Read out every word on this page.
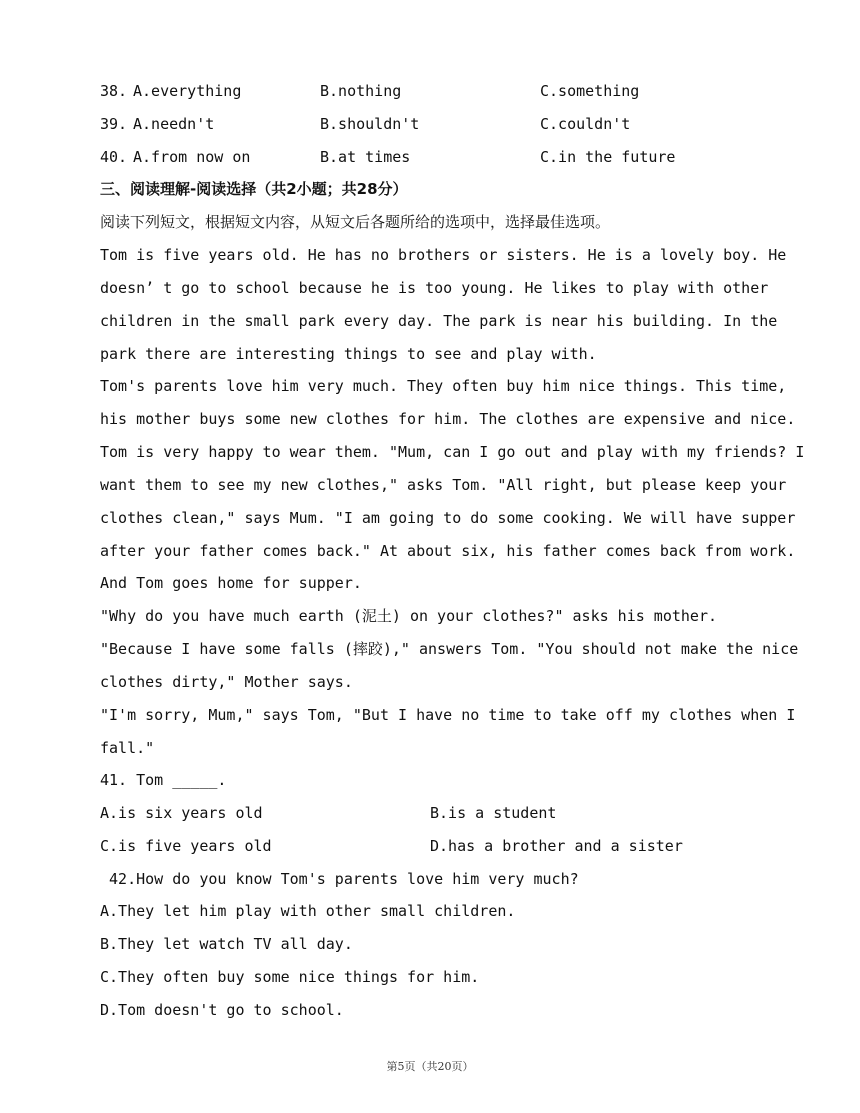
38. A.everything	B.nothing	C.something
39. A.needn't	B.shouldn't	C.couldn't
40. A.from now on	B.at times	C.in the future
三、阅读理解-阅读选择（共2小题；共28分）
阅读下列短文，根据短文内容，从短文后各题所给的选项中，选择最佳选项。
Tom is five years old. He has no brothers or sisters. He is a lovely boy. He
doesn’ t go to school because he is too young. He likes to play with other
children in the small park every day. The park is near his building. In the
park there are interesting things to see and play with.
Tom's parents love him very much. They often buy him nice things. This time,
his mother buys some new clothes for him. The clothes are expensive and nice.
Tom is very happy to wear them. "Mum, can I go out and play with my friends? I
want them to see my new clothes," asks Tom. "All right, but please keep your
clothes clean," says Mum. "I am going to do some cooking. We will have supper
after your father comes back." At about six, his father comes back from work.
And Tom goes home for supper.
"Why do you have much earth (泥土) on your clothes?" asks his mother.
"Because I have some falls (摔跤)," answers Tom. "You should not make the nice
clothes dirty," Mother says.
"I'm sorry, Mum," says Tom, "But I have no time to take off my clothes when I
fall."
41. Tom _____.
A.is six years old	B.is a student
C.is five years old	D.has a brother and a sister
42.How do you know Tom's parents love him very much?
A.They let him play with other small children.
B.They let watch TV all day.
C.They often buy some nice things for him.
D.Tom doesn't go to school.
第5页（共20页）
